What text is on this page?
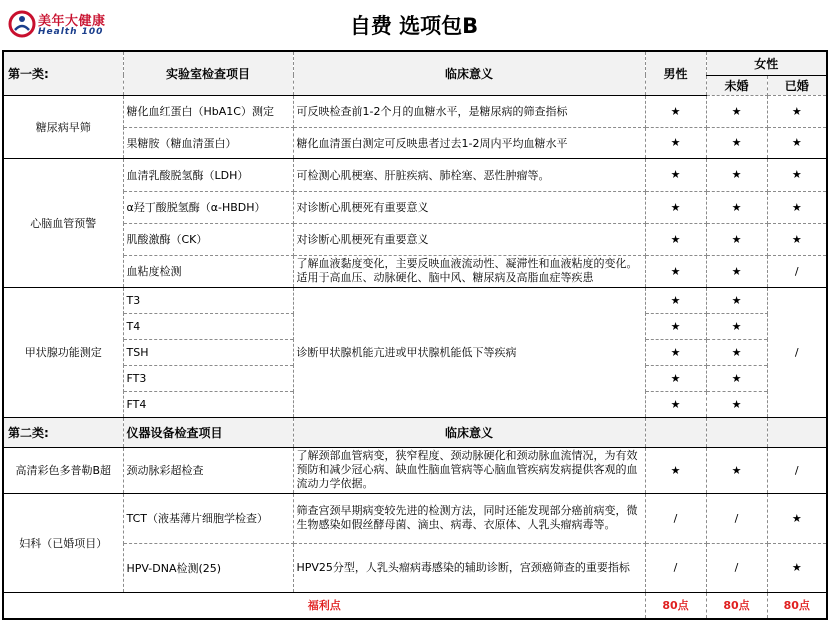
美年大健康
Health 100	自费 选项包B
第一类:	实验室检查项目	临床意义	男性	女性	
				未婚	已婚
糖尿病早筛	糖化血红蛋白（HbA1C）测定	可反映检查前1-2个月的血糖水平，是糖尿病的筛查指标	★	★	★
	果糖胺（糖血清蛋白）	糖化血清蛋白测定可反映患者过去1-2周内平均血糖水平	★	★	★
心脑血管预警	血清乳酸脱氢酶（LDH）	可检测心肌梗塞、肝脏疾病、肺栓塞、恶性肿瘤等。	★	★	★
	α羟丁酸脱氢酶（α-HBDH）	对诊断心肌梗死有重要意义	★	★	★
	肌酸激酶（CK）	对诊断心肌梗死有重要意义	★	★	★
	血粘度检测	了解血液黏度变化，主要反映血液流动性、凝滞性和血液粘度的变化。适用于高血压、动脉硬化、脑中风、糖尿病及高脂血症等疾患	★	★	/
甲状腺功能测定	T3	诊断甲状腺机能亢进或甲状腺机能低下等疾病	★	★	/
	T4		★	★	
	TSH		★	★	
	FT3		★	★	
	FT4		★	★	
第二类:	仪器设备检查项目	临床意义			
高清彩色多普勒B超	颈动脉彩超检查	了解颈部血管病变，狭窄程度、颈动脉硬化和颈动脉血流情况，为有效预防和减少冠心病、缺血性脑血管病等心脑血管疾病发病提供客观的血流动力学依据。	★	★	/
妇科（已婚项目）	TCT（液基薄片细胞学检查）	筛查宫颈早期病变较先进的检测方法，同时还能发现部分癌前病变，微生物感染如假丝酵母菌、滴虫、病毒、衣原体、人乳头瘤病毒等。	/	/	★
	HPV-DNA检测(25)	HPV25分型，人乳头瘤病毒感染的辅助诊断，宫颈癌筛查的重要指标	/	/	★
福利点			80点	80点	80点
